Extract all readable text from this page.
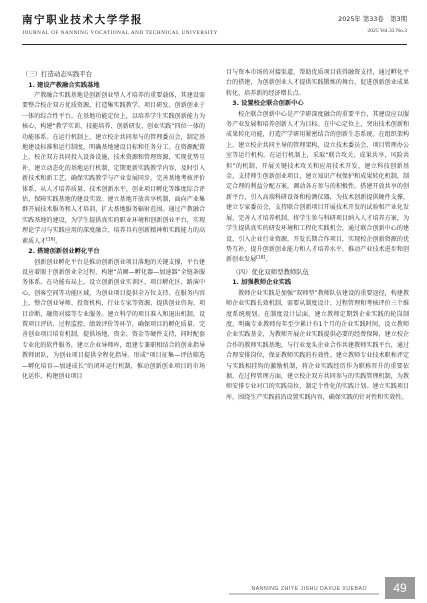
南宁职业技术大学学报
JOURNAL OF NANNING VOCATIONAL AND TECHNICAL UNIVERSITY
2025年 第33卷　第3期
2025 Vol.33 No.3
（三）打造动态实践平台
1. 建设产教融合实践基地

产教融合实践基地是创新创业型人才培养的重要载体，其建设需要整合校企双方优质资源，打造集实践教学、项目研发、创新创业于一体的综合性平台。在基地功能定位上，以培养学生实践创新能力为核心，构建“教学实训、技能培养、创新研发、创业实践”四位一体的功能体系。在运行机制上，建立校企共同参与的管理委员会，制定基地建设标准和运行制度，明确基地建设目标和任务分工。在资源配置上，校企双方共同投入设备设施、技术资源和管理资源，实现优势互补，建立动态化的基地运行机制，定期更新实践教学内容，及时引入新技术和新工艺，确保实践教学与产业发展同步。完善基地考核评价体系，从人才培养质量、技术创新水平、创业项目孵化等维度综合评估，保障实践基地的建设实效。建立基地开放共享机制，面向产业集群开展技术服务和人才培训，扩大基地服务辐射范围。通过产教融合实践基地的建设，为学生提供真实的职业环境和创新创业平台，实现理论学习与实践应用的深度融合，培养具有创新精神和实践能力的高素质人才[16]。

2. 搭建创新创业孵化平台

创新创业孵化平台是推动创新创业项目落地的关键支撑，平台建设应着眼于创新创业全过程，构建“苗圃—孵化器—加速器”全链条服务体系。在功能布局上，设立创新创业实训区、项目孵化区、路演中心、创客空间等功能区域，为创业项目提供全方位支持。在服务内容上，整合创业导师、投资机构、行业专家等资源，提供创业咨询、项目诊断、融资对接等专业服务。建立科学的项目准入和退出机制，设置项目评估、过程监控、绩效评价等环节，确保项目的孵化质量。完善创业项目培育机制，提供场地、资金、资金等硬件支持，同时配套专业化的软件服务，建立企业导师库，组建专兼职相结合的创业指导教师团队，为创业项目提供全程化指导。形成“项目征集—评估筛选—孵化培育—加速成长”的闭环运行机制，推动创新创业项目的市场化运作，构建创业项目

目与资本市场的对接渠道，帮助优质项目获得融资支持，通过孵化平台的搭建，为创新创业人才提供实践锻炼的舞台，促进创新创业成果转化，培养新的经济增长点。

3. 设置校企联合创新中心

校企联合创新中心是产学研深度融合的重要平台，其建设应以服务产业发展和培养创新人才为目标。在中心定位上，突出技术创新和成果转化功能，打造产学研用紧密结合的创新生态系统。在组织架构上，建立校企共同主导的管理架构，设立技术委员会、项目管理办公室等运行机构。在运行机制上，采取“联合攻关、成果共享、风险共担”的机制，开展关键技术攻关和应用技术开发，建立科技创新基金，支持师生创新创业项目，建立知识产权保护和成果转化机制，制定合理的利益分配方案，调动各方参与的积极性。搭建开放共享的创新平台，引入高端科研设备和检测仪器，为技术创新提供硬件支撑，建立专家委员会，支持联合创新项目开展技术开发的试验和产业化发展，完善人才培养机制，将学生参与科研项目纳入人才培养方案，为学生提供真实的研发环境和工程化实践机会，通过联合创新中心的建设，引入企业行业资源，开发长期合作项目，实现校企创新资源的优势互补，提升创新创业能力和人才培养水平，推动产业技术进步和创新创业发展[18]。

（四）优化双师型教师队伍
1. 加强教师企业实践

教师企业实践是加强“双师型”教师队伍建设的重要途径，构建教师企业实践长效机制，需要从制度设计、过程管理和考核评价三个维度系统规划。在制度设计层面，建立教师定期到企业实践的轮岗制度，明确专业教师每年至少累计有1个月的企业实践时间，设立教师企业实践基金，为教师开展企业实践提供必要的经费保障，建立校企合作的教师实践基地，与行业龙头企业合作共建教师实践平台，通过合理安排岗位，保证教师实践的有效性。建立教师专业技术职称评定与实践相挂钩的激励机制，将企业实践经历作为职称晋升的重要依据，在过程管理方面，建立校企双方共同参与的实践管理机制，为教师安排专业对口的实践岗位，制定个性化的实践计划。建立实践项目库，围绕生产实践前沿设置实践内容，确保实践的针对性和实效性。

NANNING ZHIYE JISHU DAXUE XUEBAO	49
